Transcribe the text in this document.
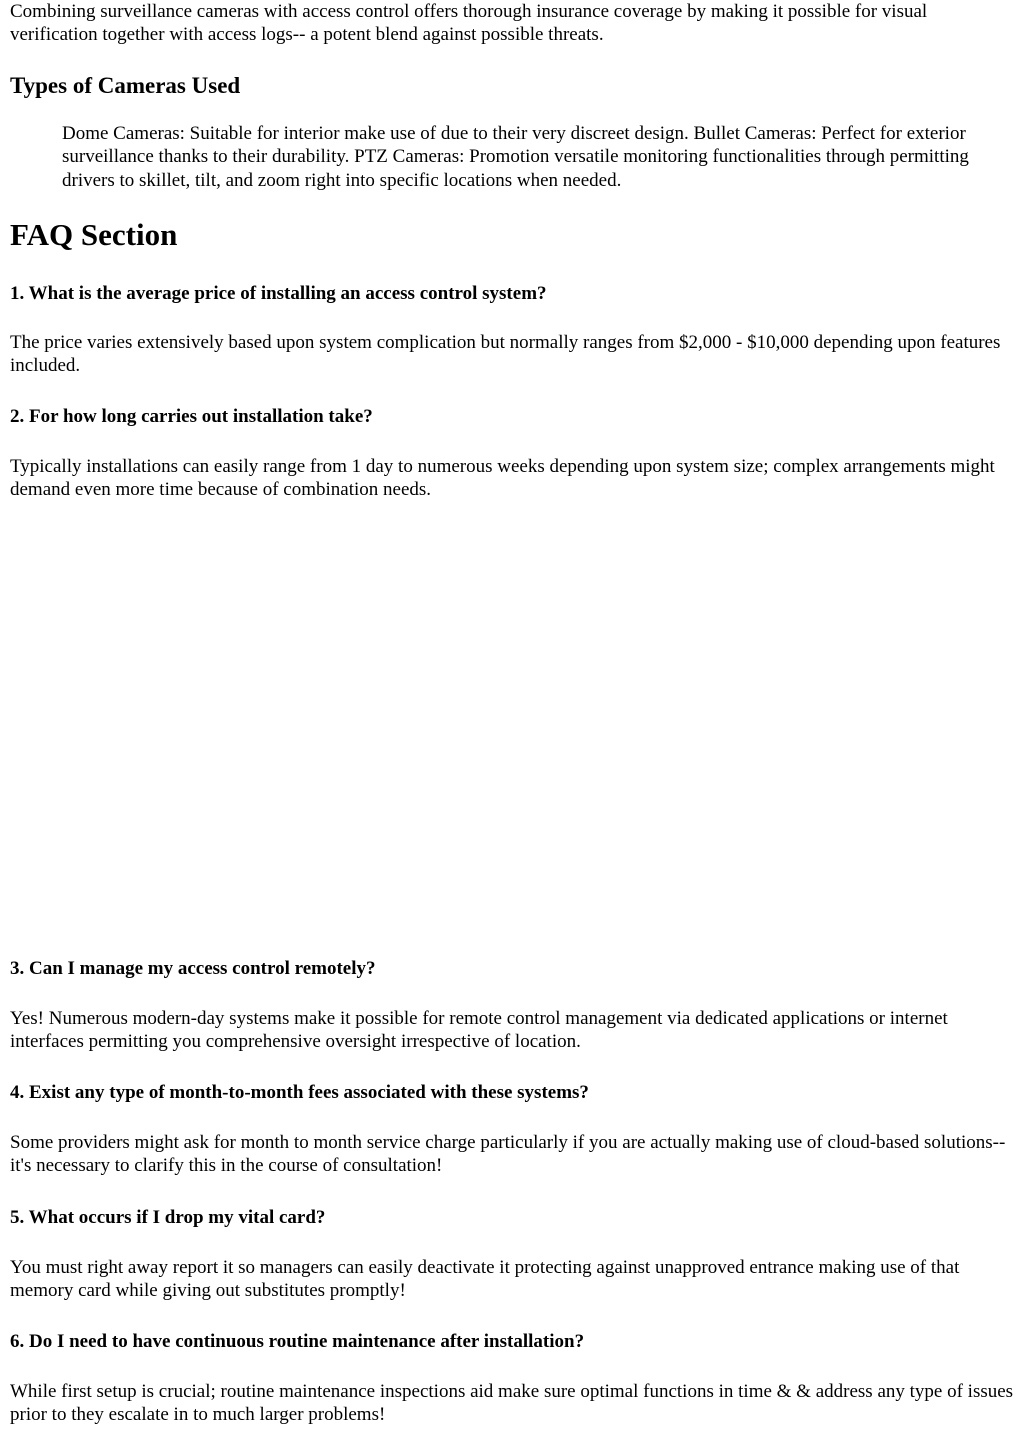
Combining surveillance cameras with access control offers thorough insurance coverage by making it possible for visual verification together with access logs-- a potent blend against possible threats.

Types of Cameras Used

Dome Cameras: Suitable for interior make use of due to their very discreet design. Bullet Cameras: Perfect for exterior surveillance thanks to their durability. PTZ Cameras: Promotion versatile monitoring functionalities through permitting drivers to skillet, tilt, and zoom right into specific locations when needed.

FAQ Section
1. What is the average price of installing an access control system?

The price varies extensively based upon system complication but normally ranges from $2,000 - $10,000 depending upon features included.

2. For how long carries out installation take?

Typically installations can easily range from 1 day to numerous weeks depending upon system size; complex arrangements might demand even more time because of combination needs.

3. Can I manage my access control remotely?

Yes! Numerous modern-day systems make it possible for remote control management via dedicated applications or internet interfaces permitting you comprehensive oversight irrespective of location.

4. Exist any type of month-to-month fees associated with these systems?

Some providers might ask for month to month service charge particularly if you are actually making use of cloud-based solutions-- it's necessary to clarify this in the course of consultation!

5. What occurs if I drop my vital card?

You must right away report it so managers can easily deactivate it protecting against unapproved entrance making use of that memory card while giving out substitutes promptly!

6. Do I need to have continuous routine maintenance after installation?

While first setup is crucial; routine maintenance inspections aid make sure optimal functions in time & & address any type of issues prior to they escalate in to much larger problems!
